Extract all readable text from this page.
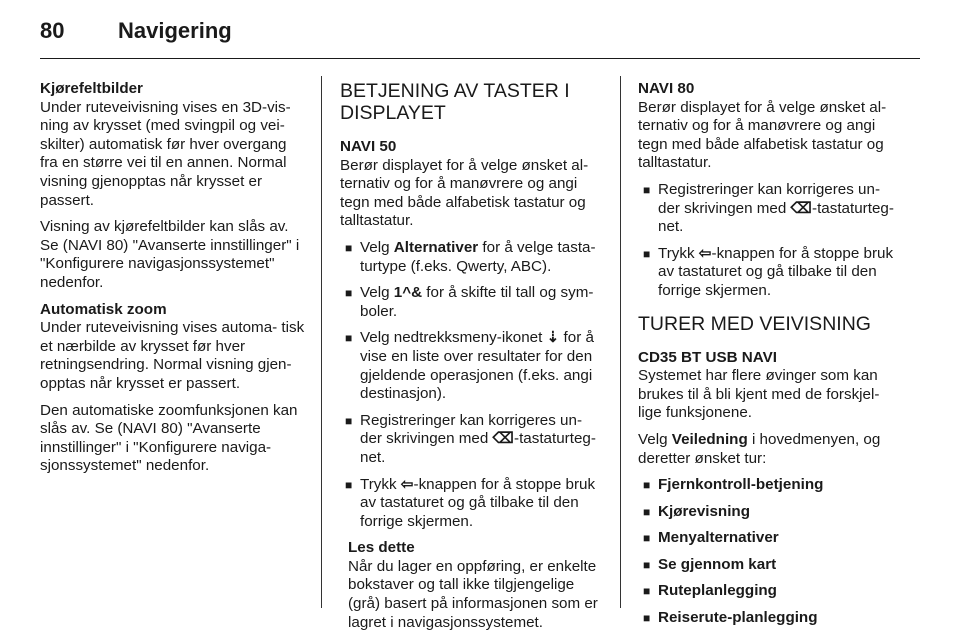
80	Navigering

Kjørefeltbilder
Under ruteveivisning vises en 3D-vis- ning av krysset (med svingpil og vei- skilter) automatisk før hver overgang fra en større vei til en annen. Normal visning gjenopptas når krysset er passert.

Visning av kjørefeltbilder kan slås av. Se (NAVI 80) "Avanserte innstillinger" i "Konfigurere navigasjonssystemet" nedenfor.

Automatisk zoom
Under ruteveivisning vises automa- tisk et nærbilde av krysset før hver retningsendring. Normal visning gjen- opptas når krysset er passert.

Den automatiske zoomfunksjonen kan slås av. Se (NAVI 80) "Avanserte innstillinger" i "Konfigurere naviga- sjonssystemet" nedenfor.

BETJENING AV TASTER I DISPLAYET
NAVI 50

Berør displayet for å velge ønsket al- ternativ og for å manøvrere og angi tegn med både alfabetisk tastatur og talltastatur.

■ Velg Alternativer for å velge tasta- turtype (f.eks. Qwerty, ABC).
■ Velg 1^& for å skifte til tall og sym- boler.
■ Velg nedtrekksmeny-ikonet ⇣ for å vise en liste over resultater for den gjeldende operasjonen (f.eks. angi destinasjon).
■ Registreringer kan korrigeres un- der skrivingen med ⌫-tastaturteg- net.
■ Trykk ⇦-knappen for å stoppe bruk av tastaturet og gå tilbake til den forrige skjermen.
Les dette
Når du lager en oppføring, er enkelte bokstaver og tall ikke tilgjengelige (grå) basert på informasjonen som er lagret i navigasjonssystemet.
NAVI 80

Berør displayet for å velge ønsket al- ternativ og for å manøvrere og angi tegn med både alfabetisk tastatur og talltastatur.

■ Registreringer kan korrigeres un- der skrivingen med ⌫-tastaturteg- net.
■ Trykk ⇦-knappen for å stoppe bruk av tastaturet og gå tilbake til den forrige skjermen.
TURER MED VEIVISNING
CD35 BT USB NAVI

Systemet har flere øvinger som kan brukes til å bli kjent med de forskjel- lige funksjonene.

Velg Veiledning i hovedmenyen, og deretter ønsket tur:

■ Fjernkontroll-betjening
■ Kjørevisning
■ Menyalternativer
■ Se gjennom kart
■ Ruteplanlegging
■ Reiserute-planlegging
